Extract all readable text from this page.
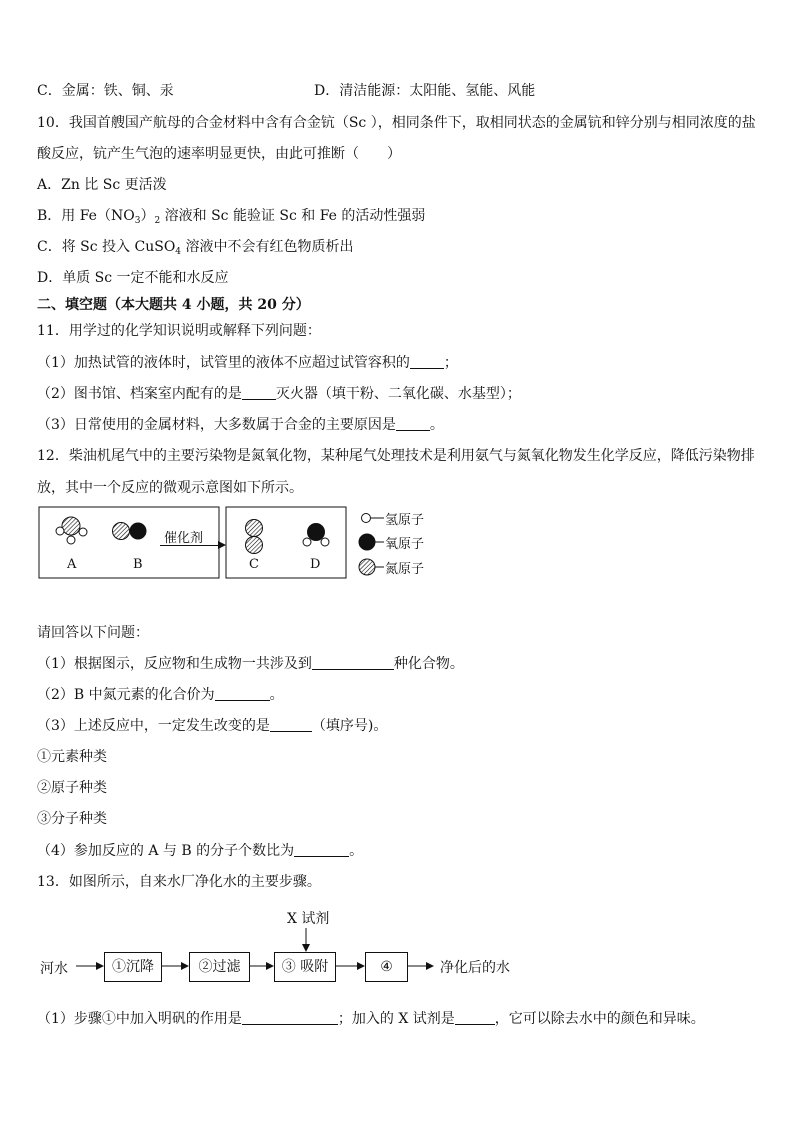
C．金属：铁、铜、汞	D．清洁能源：太阳能、氢能、风能
10．我国首艘国产航母的合金材料中含有合金钪（Sc ），相同条件下，取相同状态的金属钪和锌分别与相同浓度的盐
酸反应，钪产生气泡的速率明显更快，由此可推断（　　）
A．Zn 比 Sc 更活泼
B．用 $Fe(NO_3)_2$ 溶液和 Sc 能验证 Sc 和 Fe 的活动性强弱
C．将 Sc 投入 CuSO$_4$ 溶液中不会有红色物质析出
D．单质 Sc 一定不能和水反应
二、填空题（本大题共 4 小题，共 20 分）
11．用学过的化学知识说明或解释下列问题：
（1）加热试管的液体时，试管里的液体不应超过试管容积的 ；
（2）图书馆、档案室内配有的是 灭火器（填干粉、二氧化碳、水基型）；
（3）日常使用的金属材料，大多数属于合金的主要原因是 。
12．柴油机尾气中的主要污染物是氮氧化物，某种尾气处理技术是利用氨气与氮氧化物发生化学反应，降低污染物排
放，其中一个反应的微观示意图如下所示。
催化剂
A	B	C	D
氢原子
氧原子
氮原子
请回答以下问题：
（1）根据图示，反应物和生成物一共涉及到	种化合物。
（2）B 中氮元素的化合价为	。
（3）上述反应中，一定发生改变的是	（填序号)。
①元素种类
②原子种类
③分子种类
（4）参加反应的 A 与 B 的分子个数比为	。
13．如图所示，自来水厂净化水的主要步骤。
X 试剂
河水	①沉降	②过滤	③ 吸附	④	净化后的水
（1）步骤①中加入明矾的作用是	；加入的 X 试剂是	，它可以除去水中的颜色和异味。
